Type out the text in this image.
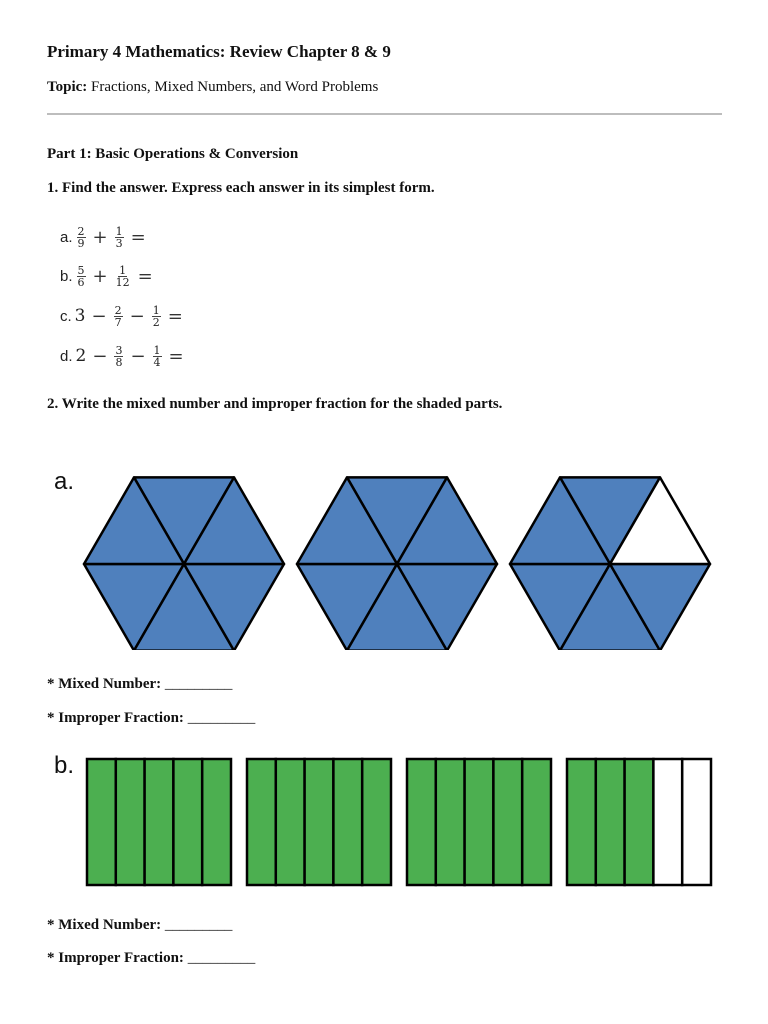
Primary 4 Mathematics: Review Chapter 8 & 9
Topic: Fractions, Mixed Numbers, and Word Problems
Part 1: Basic Operations & Conversion
1. Find the answer. Express each answer in its simplest form.
a. $\frac{2}{9} + \frac{1}{3}$ =
b. $\frac{5}{6} + \frac{1}{12}$ =
c. $3 - \frac{2}{7} - \frac{1}{2}$ =
d. $2 - \frac{3}{8} - \frac{1}{4}$ =
2. Write the mixed number and improper fraction for the shaded parts.
a.
* Mixed Number: _________
* Improper Fraction: _________
b.
* Mixed Number: _________
* Improper Fraction: _________
